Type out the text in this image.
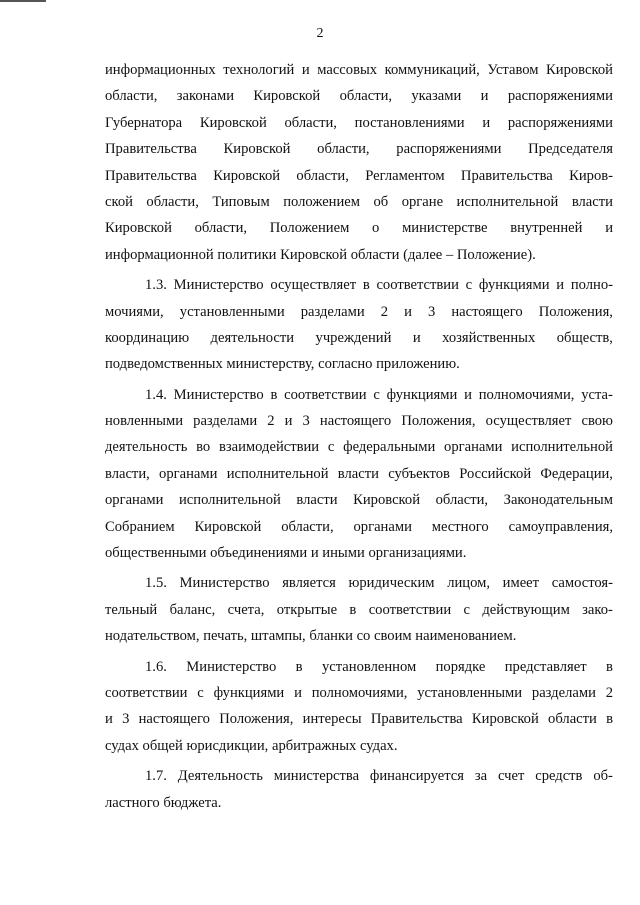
2
информационных технологий и массовых коммуникаций, Уставом Кировской
области, законами Кировской области, указами и распоряжениями
Губернатора Кировской области, постановлениями и распоряжениями
Правительства Кировской области, распоряжениями Председателя
Правительства Кировской области, Регламентом Правительства Киров-
ской области, Типовым положением об органе исполнительной власти
Кировской области, Положением о министерстве внутренней и
информационной
политики
Кировской
области
(далее
–
Положение).
1.3. Министерство осуществляет в соответствии с функциями и полно-
мочиями, установленными разделами 2 и 3 настоящего Положения,
координацию деятельности учреждений и хозяйственных обществ,
подведомственных
министерству,
согласно
приложению.
1.4. Министерство в соответствии с функциями и полномочиями, уста-
новленными разделами 2 и 3 настоящего Положения, осуществляет свою
деятельность во взаимодействии с федеральными органами исполнительной
власти, органами исполнительной власти субъектов Российской Федерации,
органами исполнительной власти Кировской области, Законодательным
Собранием Кировской области, органами местного самоуправления,
общественными
объединениями
и
иными
организациями.
1.5. Министерство является юридическим лицом, имеет самостоя-
тельный баланс, счета, открытые в соответствии с действующим зако-
нодательством,
печать,
штампы,
бланки
со
своим
наименованием.
1.6. Министерство в установленном порядке представляет в
соответствии с функциями и полномочиями, установленными разделами 2
и 3 настоящего Положения, интересы Правительства Кировской области в
судах
общей
юрисдикции,
арбитражных
судах.
1.7. Деятельность министерства финансируется за счет средств об-
ластного
бюджета.
